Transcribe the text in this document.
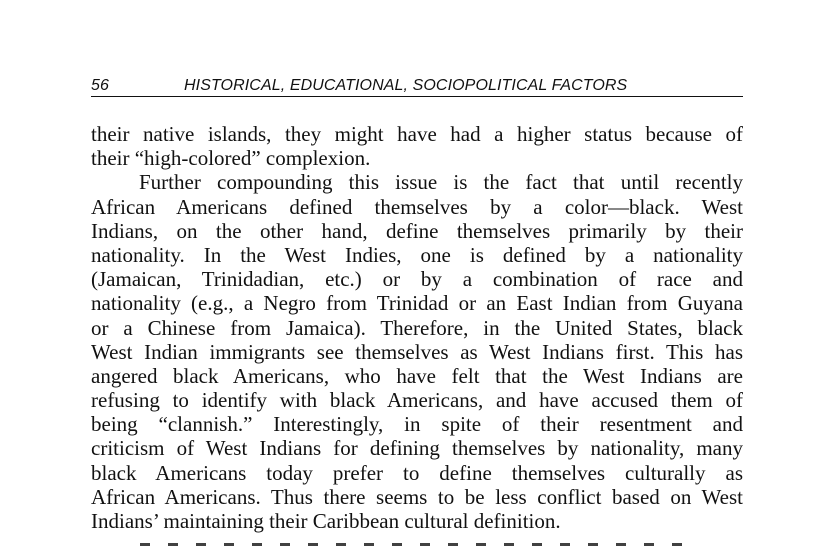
56	HISTORICAL, EDUCATIONAL, SOCIOPOLITICAL FACTORS
their native islands, they might have had a higher status because of
their “high-colored” complexion.
Further compounding this issue is the fact that until recently
African Americans defined themselves by a color—black. West
Indians, on the other hand, define themselves primarily by their
nationality. In the West Indies, one is defined by a nationality
(Jamaican, Trinidadian, etc.) or by a combination of race and
nationality (e.g., a Negro from Trinidad or an East Indian from Guyana
or a Chinese from Jamaica). Therefore, in the United States, black
West Indian immigrants see themselves as West Indians first. This has
angered black Americans, who have felt that the West Indians are
refusing to identify with black Americans, and have accused them of
being “clannish.” Interestingly, in spite of their resentment and
criticism of West Indians for defining themselves by nationality, many
black Americans today prefer to define themselves culturally as
African Americans. Thus there seems to be less conflict based on West
Indians’ maintaining their Caribbean cultural definition.
